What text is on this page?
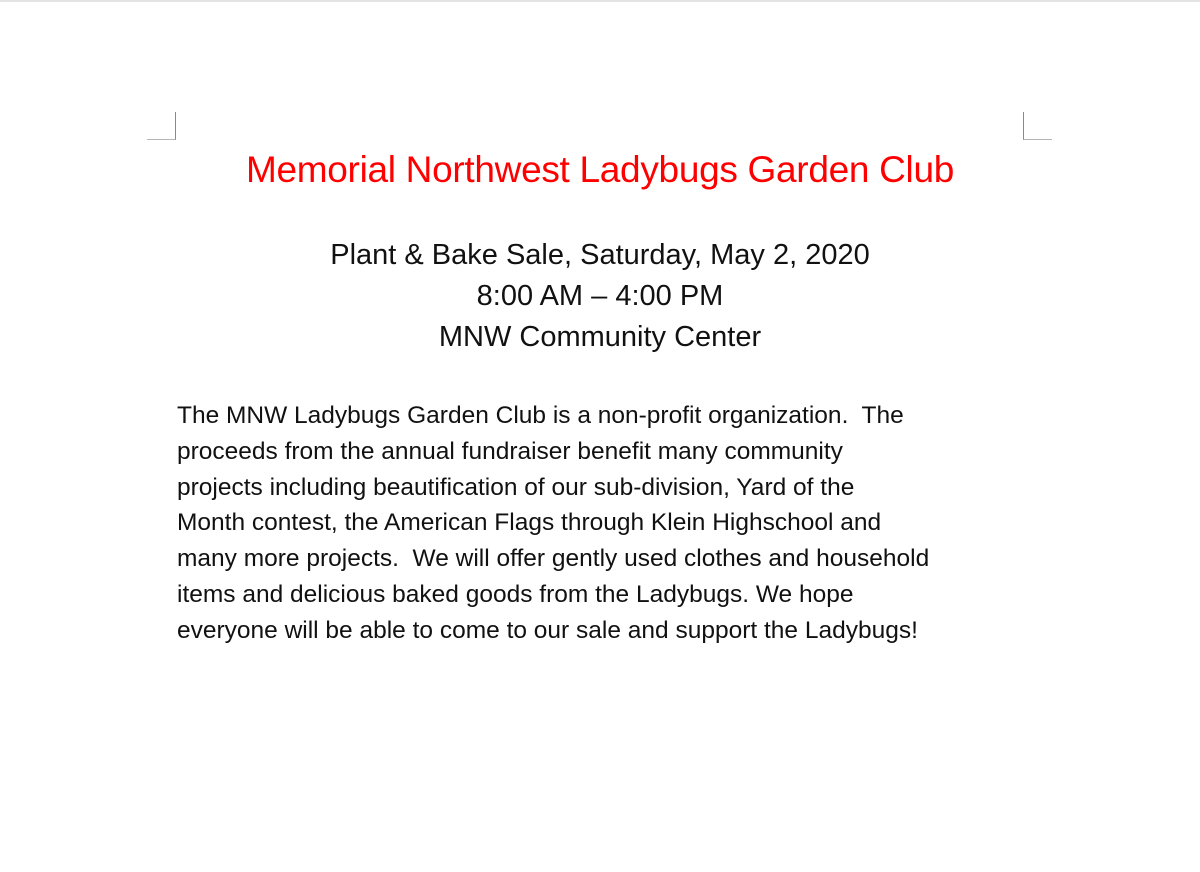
Memorial Northwest Ladybugs Garden Club
Plant & Bake Sale, Saturday, May 2, 2020
8:00 AM – 4:00 PM
MNW Community Center

The MNW Ladybugs Garden Club is a non-profit organization.  The
proceeds from the annual fundraiser benefit many community
projects including beautification of our sub-division, Yard of the
Month contest, the American Flags through Klein Highschool and
many more projects.  We will offer gently used clothes and household
items and delicious baked goods from the Ladybugs. We hope
everyone will be able to come to our sale and support the Ladybugs!
